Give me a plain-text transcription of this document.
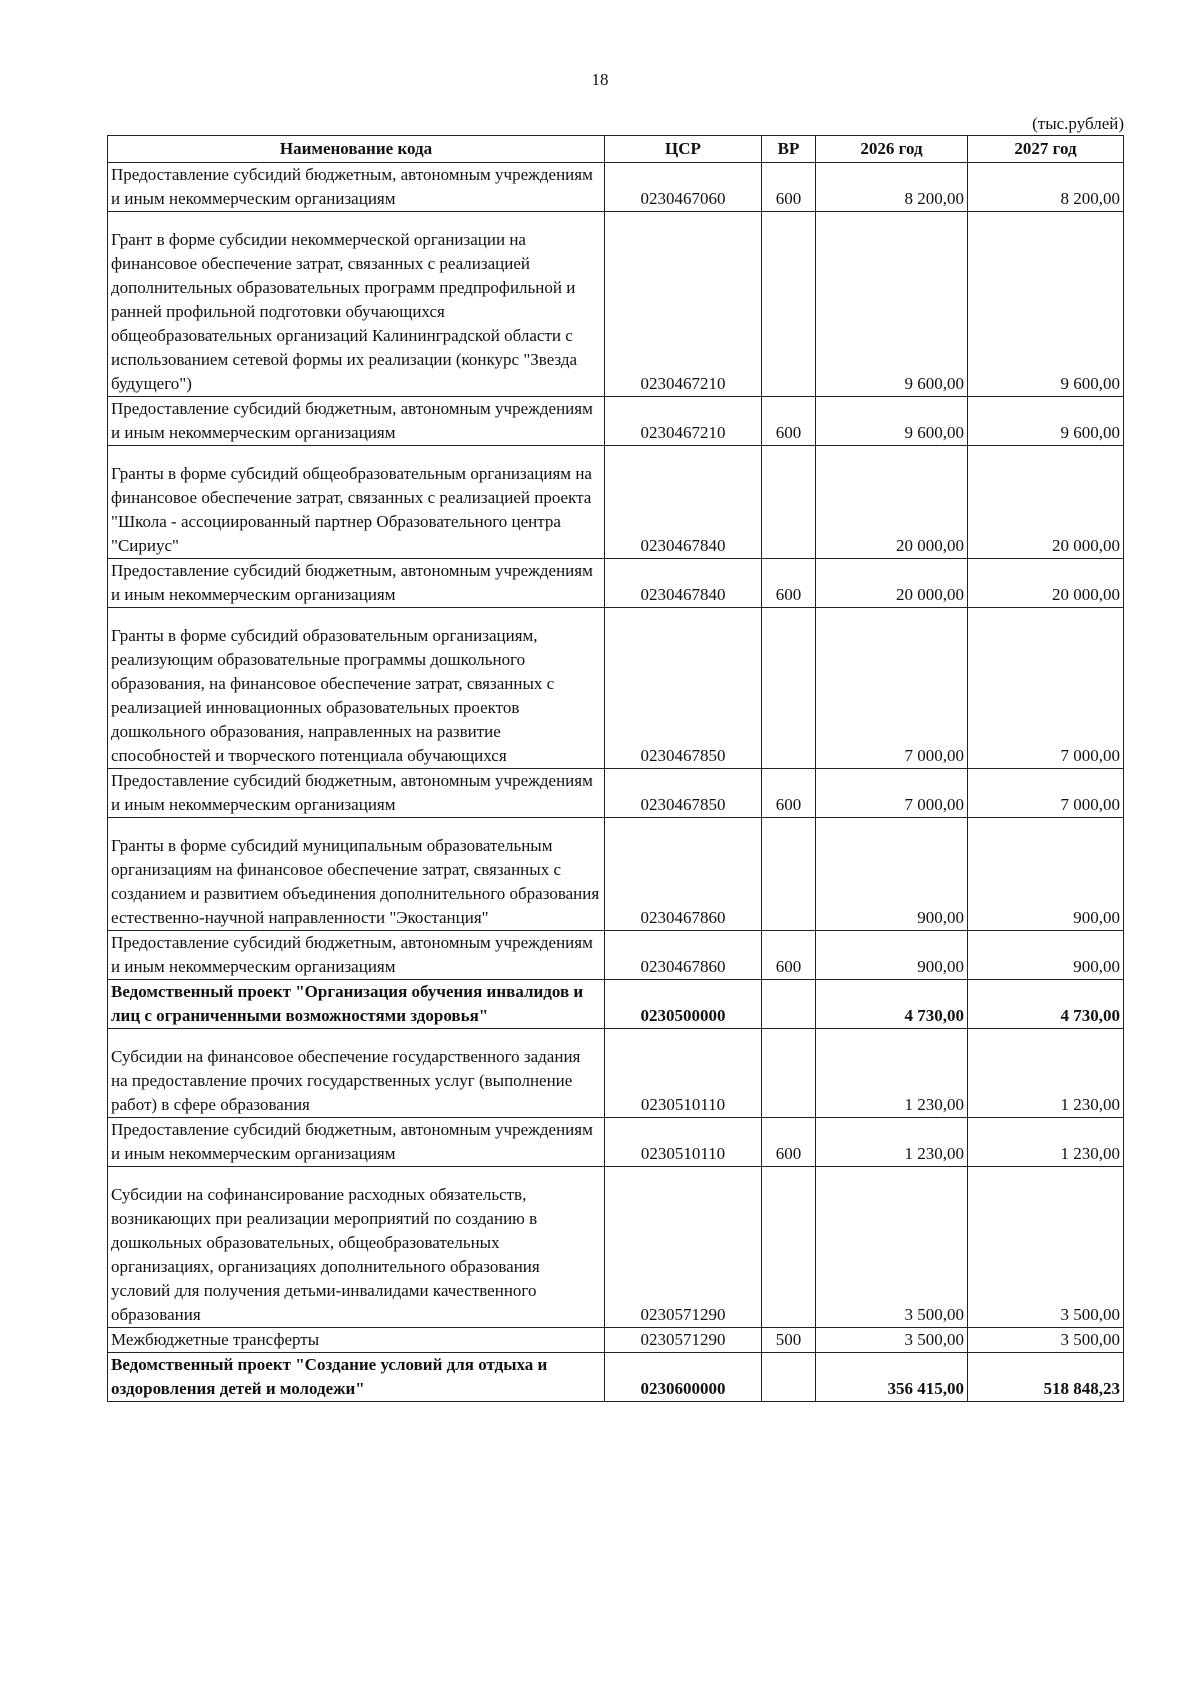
18
(тыс.рублей)
Наименование кода	ЦСР	ВР	2026 год	2027 год
Предоставление субсидий бюджетным, автономным учреждениям и иным некоммерческим организациям	0230467060	600	8 200,00	8 200,00
Грант в форме субсидии некоммерческой организации на финансовое обеспечение затрат, связанных с реализацией дополнительных образовательных программ предпрофильной и ранней профильной подготовки обучающихся общеобразовательных организаций Калининградской области с использованием сетевой формы их реализации (конкурс "Звезда будущего")	0230467210		9 600,00	9 600,00
Предоставление субсидий бюджетным, автономным учреждениям и иным некоммерческим организациям	0230467210	600	9 600,00	9 600,00
Гранты в форме субсидий общеобразовательным организациям на финансовое обеспечение затрат, связанных с реализацией проекта "Школа - ассоциированный партнер Образовательного центра "Сириус"	0230467840		20 000,00	20 000,00
Предоставление субсидий бюджетным, автономным учреждениям и иным некоммерческим организациям	0230467840	600	20 000,00	20 000,00
Гранты в форме субсидий образовательным организациям, реализующим образовательные программы дошкольного образования, на финансовое обеспечение затрат, связанных с реализацией инновационных образовательных проектов дошкольного образования, направленных на развитие способностей и творческого потенциала обучающихся	0230467850		7 000,00	7 000,00
Предоставление субсидий бюджетным, автономным учреждениям и иным некоммерческим организациям	0230467850	600	7 000,00	7 000,00
Гранты в форме субсидий муниципальным образовательным организациям на финансовое обеспечение затрат, связанных с созданием и развитием объединения дополнительного образования естественно-научной направленности "Экостанция"	0230467860		900,00	900,00
Предоставление субсидий бюджетным, автономным учреждениям и иным некоммерческим организациям	0230467860	600	900,00	900,00
Ведомственный проект "Организация обучения инвалидов и лиц с ограниченными возможностями здоровья"	0230500000		4 730,00	4 730,00
Субсидии на финансовое обеспечение государственного задания на предоставление прочих государственных услуг (выполнение работ) в сфере образования	0230510110		1 230,00	1 230,00
Предоставление субсидий бюджетным, автономным учреждениям и иным некоммерческим организациям	0230510110	600	1 230,00	1 230,00
Субсидии на софинансирование расходных обязательств, возникающих при реализации мероприятий по созданию в дошкольных образовательных, общеобразовательных организациях, организациях дополнительного образования условий для получения детьми-инвалидами качественного образования	0230571290		3 500,00	3 500,00
Межбюджетные трансферты	0230571290	500	3 500,00	3 500,00
Ведомственный проект "Создание условий для отдыха и оздоровления детей и молодежи"	0230600000		356 415,00	518 848,23
